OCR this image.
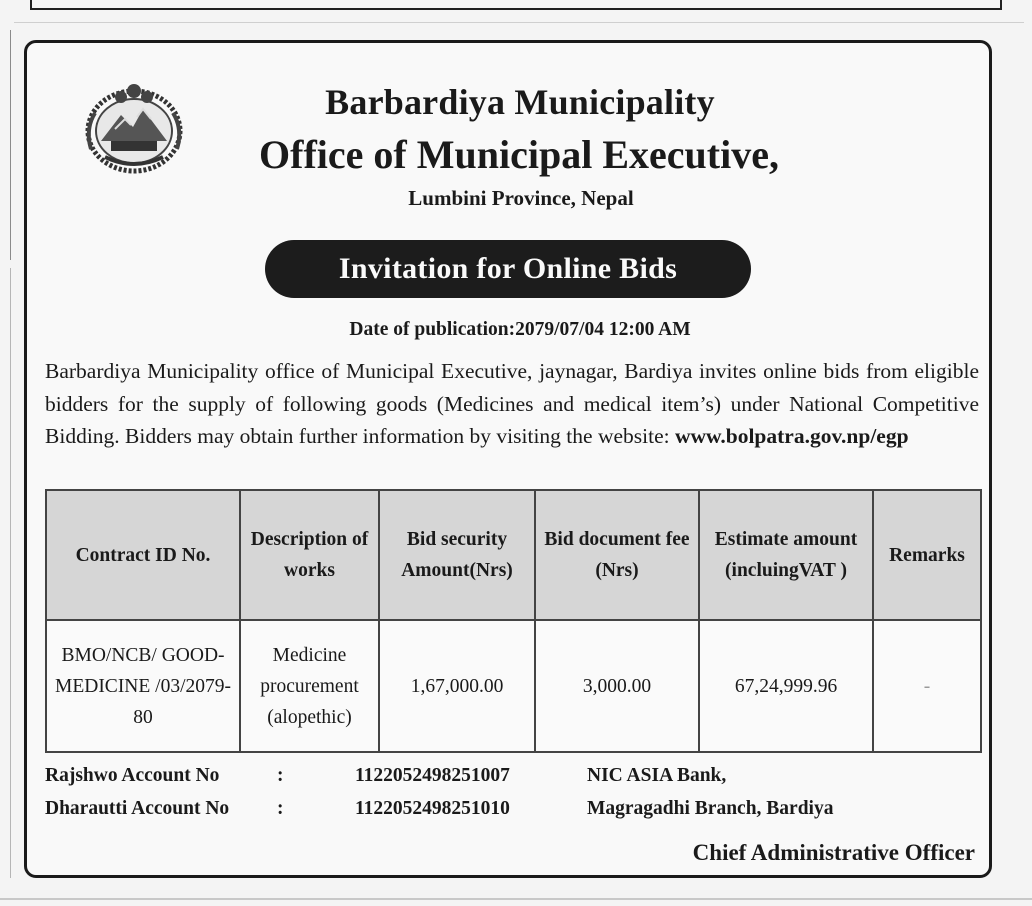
Barbardiya Municipality
Office of Municipal Executive,
Lumbini Province, Nepal
Invitation for Online Bids
Date of publication:2079/07/04 12:00 AM
Barbardiya Municipality office of Municipal Executive, jaynagar, Bardiya invites online bids from eligible bidders for the supply of following goods (Medicines and medical item’s) under National Competitive Bidding. Bidders may obtain further information by visiting the website: www.bolpatra.gov.np/egp
Contract ID No.	Description of works	Bid security Amount(Nrs)	Bid document fee (Nrs)	Estimate amount (incluingVAT )	Remarks
BMO/NCB/ GOOD- MEDICINE /03/2079-80	Medicine procurement (alopethic)	1,67,000.00	3,000.00	67,24,999.96	-
Rajshwo Account No	:	1122052498251007	NIC ASIA Bank,
Dharautti Account No :	1122052498251010	Magragadhi Branch, Bardiya
Chief Administrative Officer
